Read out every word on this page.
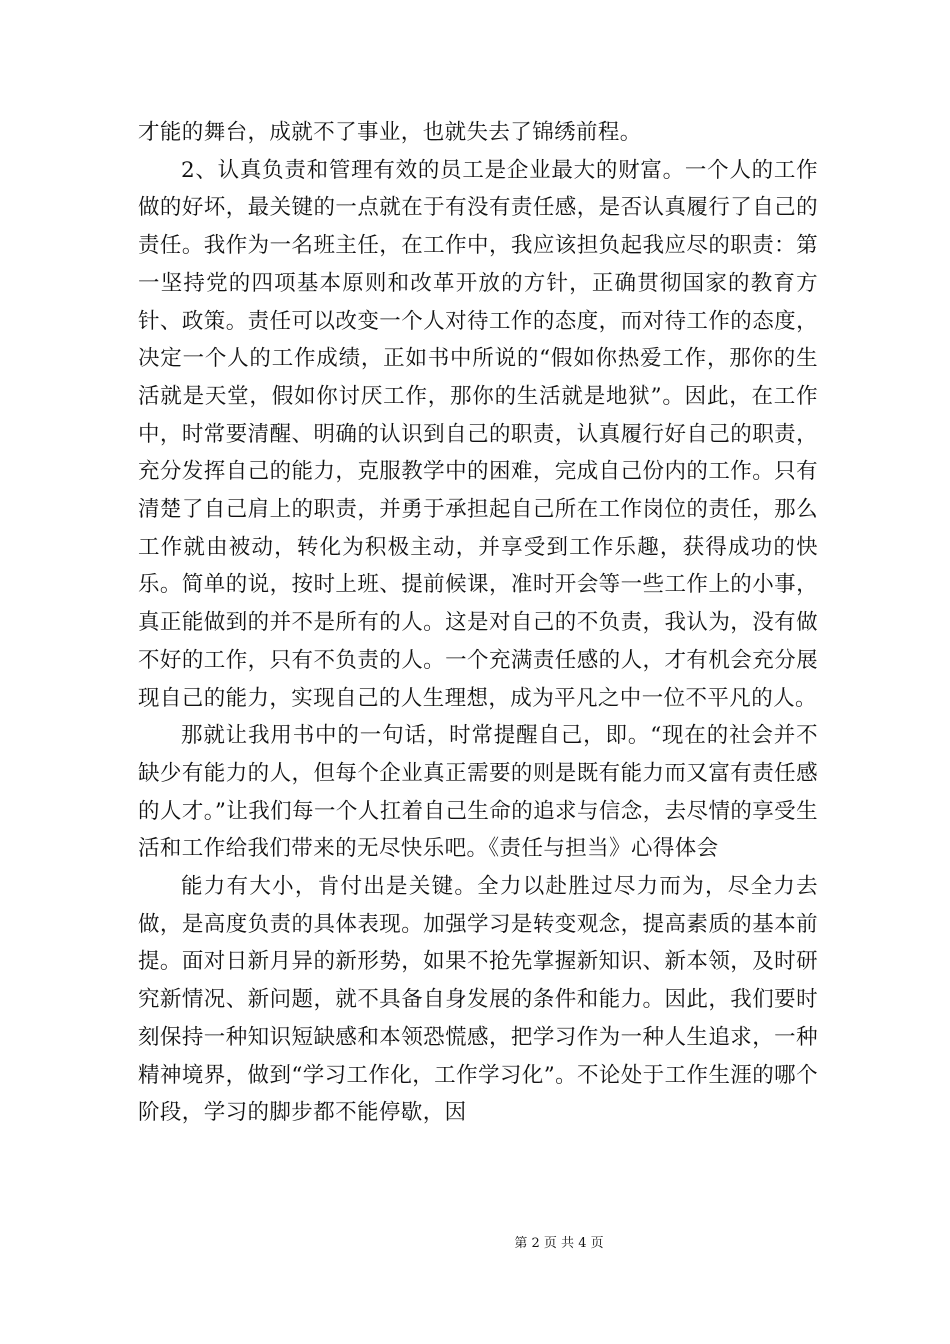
才能的舞台，成就不了事业，也就失去了锦绣前程。

2、认真负责和管理有效的员工是企业最大的财富。一个人的工作做的好坏，最关键的一点就在于有没有责任感，是否认真履行了自己的责任。我作为一名班主任，在工作中，我应该担负起我应尽的职责：第一坚持党的四项基本原则和改革开放的方针，正确贯彻国家的教育方针、政策。责任可以改变一个人对待工作的态度，而对待工作的态度，决定一个人的工作成绩，正如书中所说的“假如你热爱工作，那你的生活就是天堂，假如你讨厌工作，那你的生活就是地狱”。因此，在工作中，时常要清醒、明确的认识到自己的职责，认真履行好自己的职责，充分发挥自己的能力，克服教学中的困难，完成自己份内的工作。只有清楚了自己肩上的职责，并勇于承担起自己所在工作岗位的责任，那么工作就由被动，转化为积极主动，并享受到工作乐趣，获得成功的快乐。简单的说，按时上班、提前候课，准时开会等一些工作上的小事，真正能做到的并不是所有的人。这是对自己的不负责，我认为，没有做不好的工作，只有不负责的人。一个充满责任感的人，才有机会充分展现自己的能力，实现自己的人生理想，成为平凡之中一位不平凡的人。

那就让我用书中的一句话，时常提醒自己，即。“现在的社会并不缺少有能力的人，但每个企业真正需要的则是既有能力而又富有责任感的人才。”让我们每一个人扛着自己生命的追求与信念，去尽情的享受生活和工作给我们带来的无尽快乐吧。《责任与担当》心得体会

能力有大小，肯付出是关键。全力以赴胜过尽力而为，尽全力去做，是高度负责的具体表现。加强学习是转变观念，提高素质的基本前提。面对日新月异的新形势，如果不抢先掌握新知识、新本领，及时研究新情况、新问题，就不具备自身发展的条件和能力。因此，我们要时刻保持一种知识短缺感和本领恐慌感，把学习作为一种人生追求，一种精神境界，做到“学习工作化，工作学习化”。不论处于工作生涯的哪个阶段，学习的脚步都不能停歇，因

第 2 页 共 4 页
